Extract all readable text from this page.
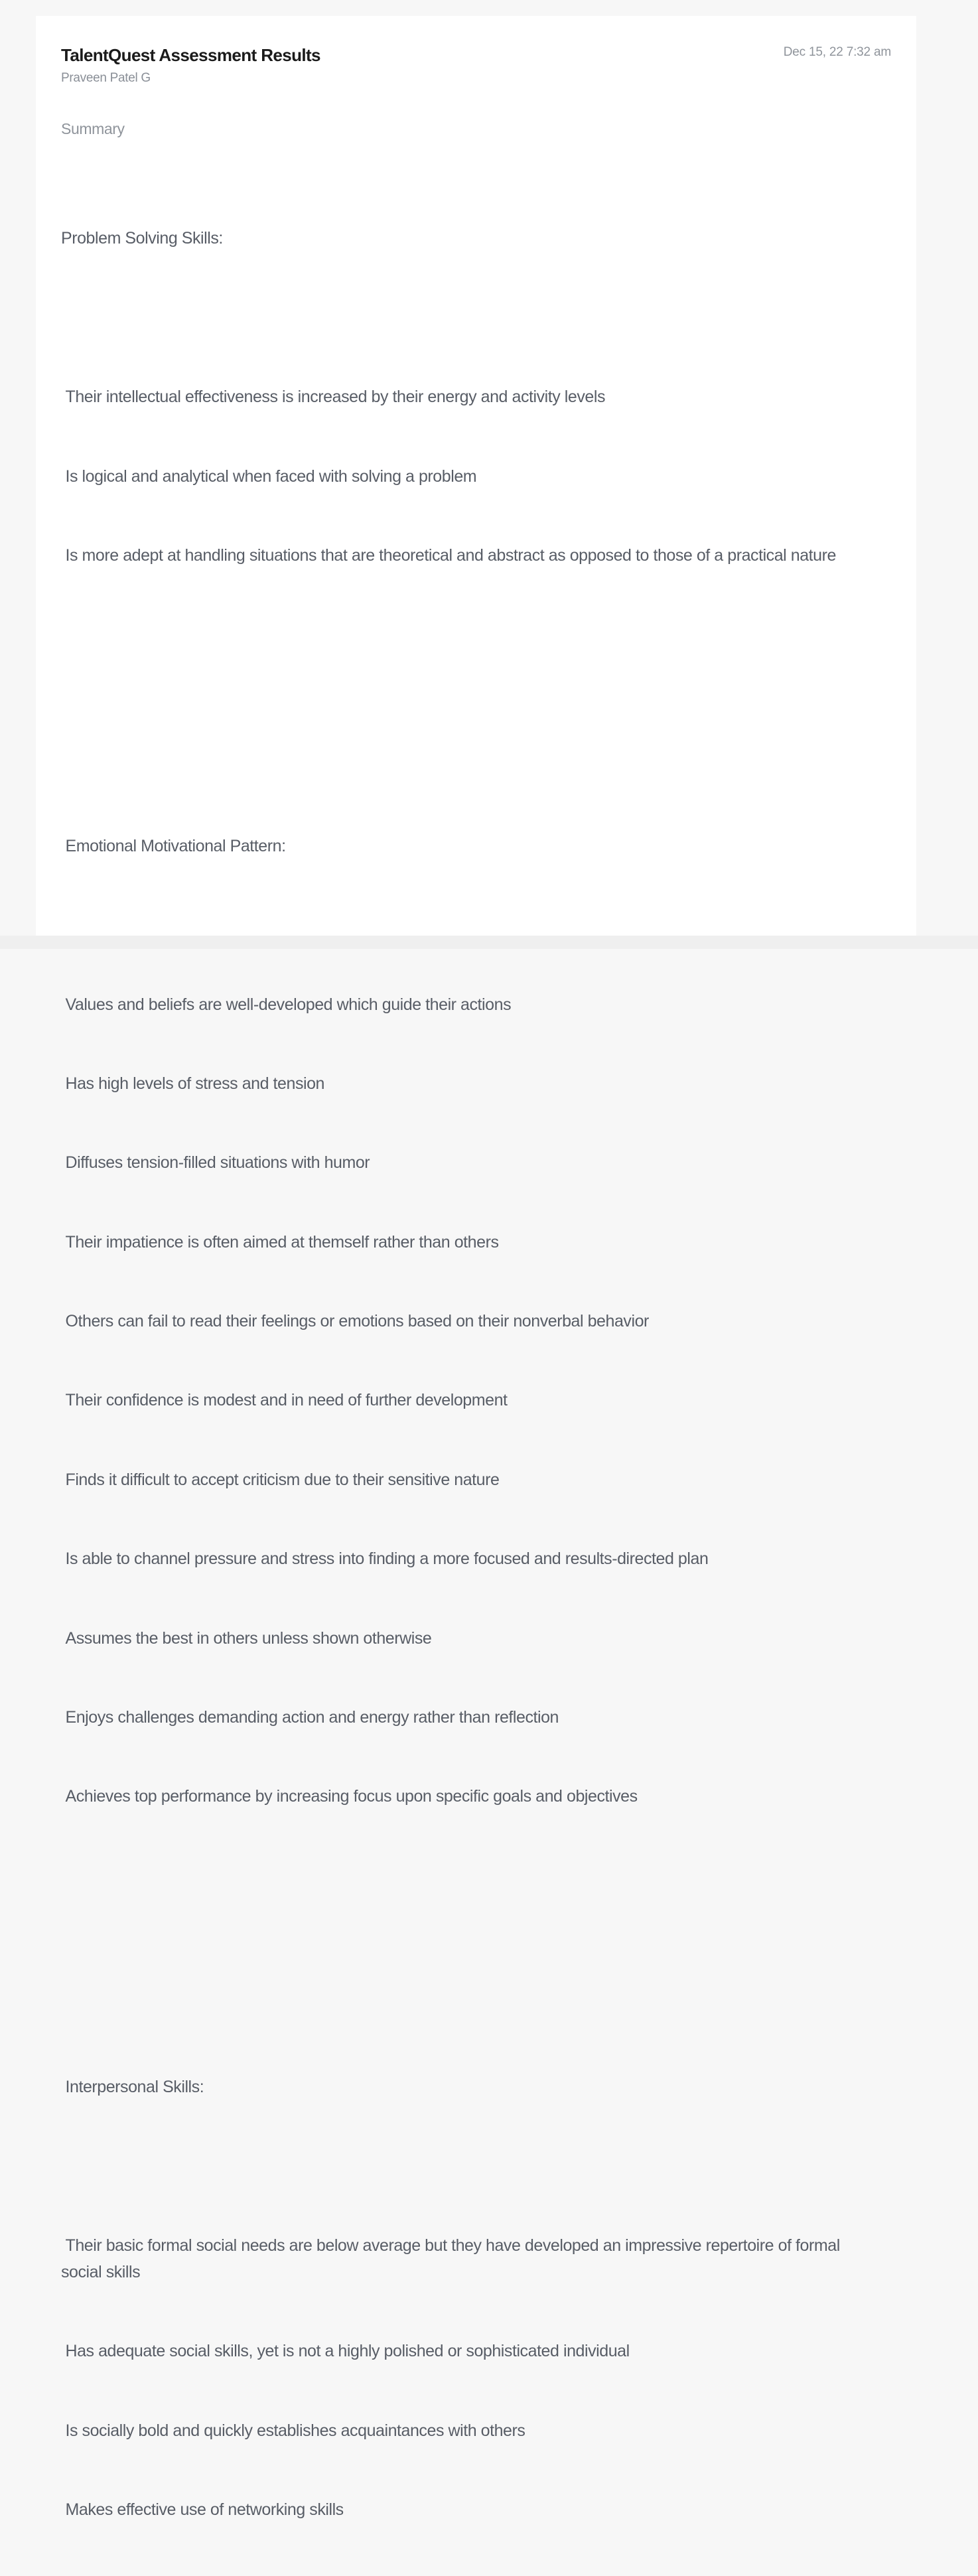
TalentQuest Assessment Results
Praveen Patel G
Dec 15, 22 7:32 am
Summary

Problem Solving Skills:

Their intellectual effectiveness is increased by their energy and activity levels

Is logical and analytical when faced with solving a problem

Is more adept at handling situations that are theoretical and abstract as opposed to those of a practical nature

Emotional Motivational Pattern:

Values and beliefs are well-developed which guide their actions

Has high levels of stress and tension

Diffuses tension-filled situations with humor

Their impatience is often aimed at themself rather than others

Others can fail to read their feelings or emotions based on their nonverbal behavior

Their confidence is modest and in need of further development

Finds it difficult to accept criticism due to their sensitive nature

Is able to channel pressure and stress into finding a more focused and results-directed plan

Assumes the best in others unless shown otherwise

Enjoys challenges demanding action and energy rather than reflection

Achieves top performance by increasing focus upon specific goals and objectives

Interpersonal Skills:

Their basic formal social needs are below average but they have developed an impressive repertoire of formal social skills

Has adequate social skills, yet is not a highly polished or sophisticated individual

Is socially bold and quickly establishes acquaintances with others

Makes effective use of networking skills
